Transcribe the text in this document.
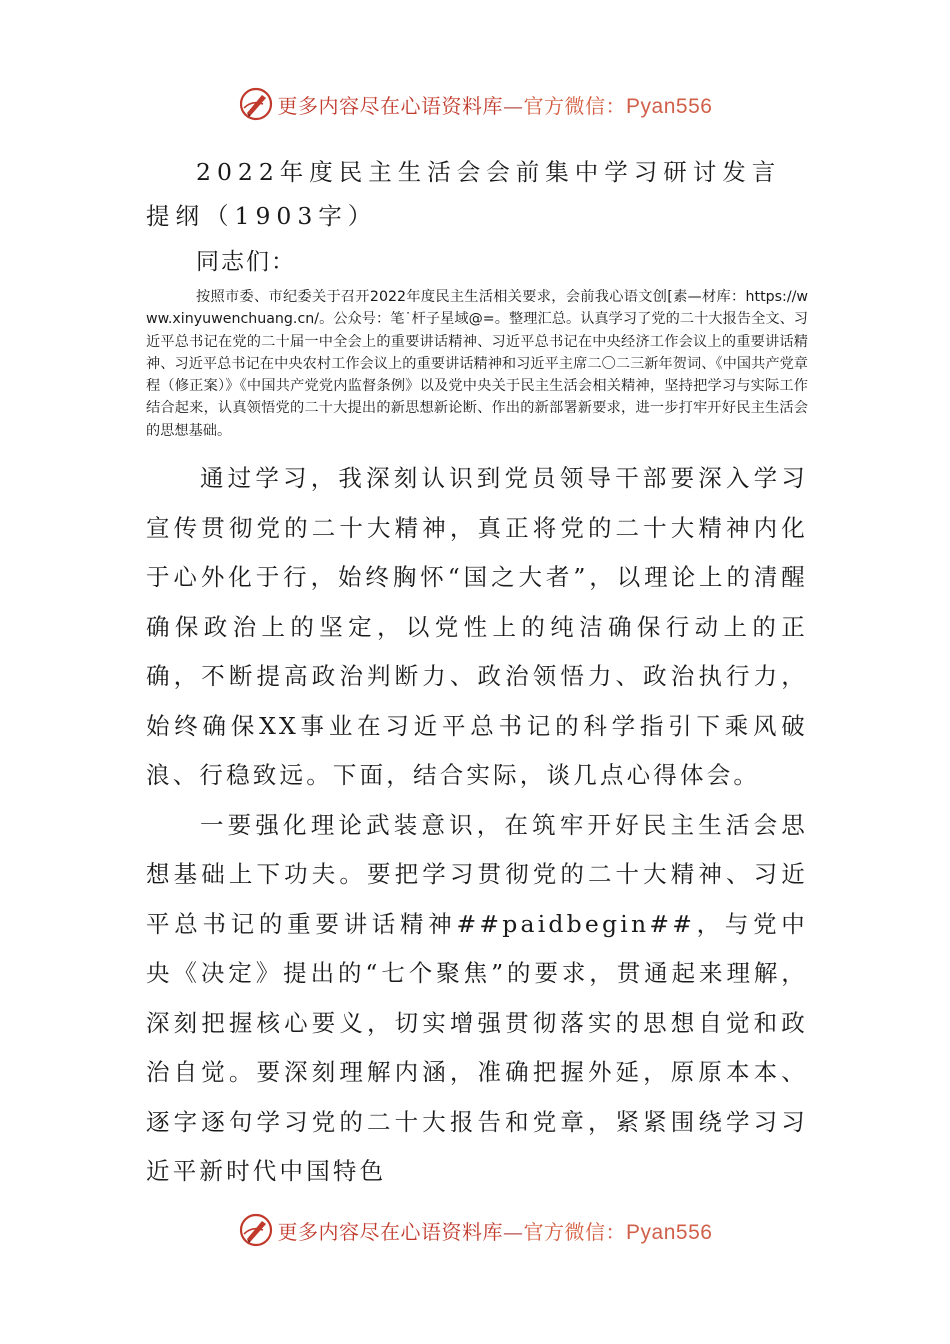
更多内容尽在心语资料库—官方微信：Pyan556
2022年度民主生活会会前集中学习研讨发言提纲（1903字）

同志们：

按照市委、市纪委关于召开2022年度民主生活相关要求，会前我心语文创[素—材库：https://www.xinyuwenchuang.cn/。公众号：笔˙杆子星域@=。整理汇总。认真学习了党的二十大报告全文、习近平总书记在党的二十届一中全会上的重要讲话精神、习近平总书记在中央经济工作会议上的重要讲话精神、习近平总书记在中央农村工作会议上的重要讲话精神和习近平主席二〇二三新年贺词、《中国共产党章程（修正案）》《中国共产党党内监督条例》以及党中央关于民主生活会相关精神，坚持把学习与实际工作结合起来，认真领悟党的二十大提出的新思想新论断、作出的新部署新要求，进一步打牢开好民主生活会的思想基础。

通过学习，我深刻认识到党员领导干部要深入学习宣传贯彻党的二十大精神，真正将党的二十大精神内化于心外化于行，始终胸怀“国之大者”，以理论上的清醒确保政治上的坚定，以党性上的纯洁确保行动上的正确，不断提高政治判断力、政治领悟力、政治执行力，始终确保XX事业在习近平总书记的科学指引下乘风破浪、行稳致远。下面，结合实际，谈几点心得体会。

一要强化理论武装意识，在筑牢开好民主生活会思想基础上下功夫。要把学习贯彻党的二十大精神、习近平总书记的重要讲话精神##paidbegin##，与党中央《决定》提出的“七个聚焦”的要求，贯通起来理解，深刻把握核心要义，切实增强贯彻落实的思想自觉和政治自觉。要深刻理解内涵，准确把握外延，原原本本、逐字逐句学习党的二十大报告和党章，紧紧围绕学习习近平新时代中国特色

更多内容尽在心语资料库—官方微信：Pyan556
